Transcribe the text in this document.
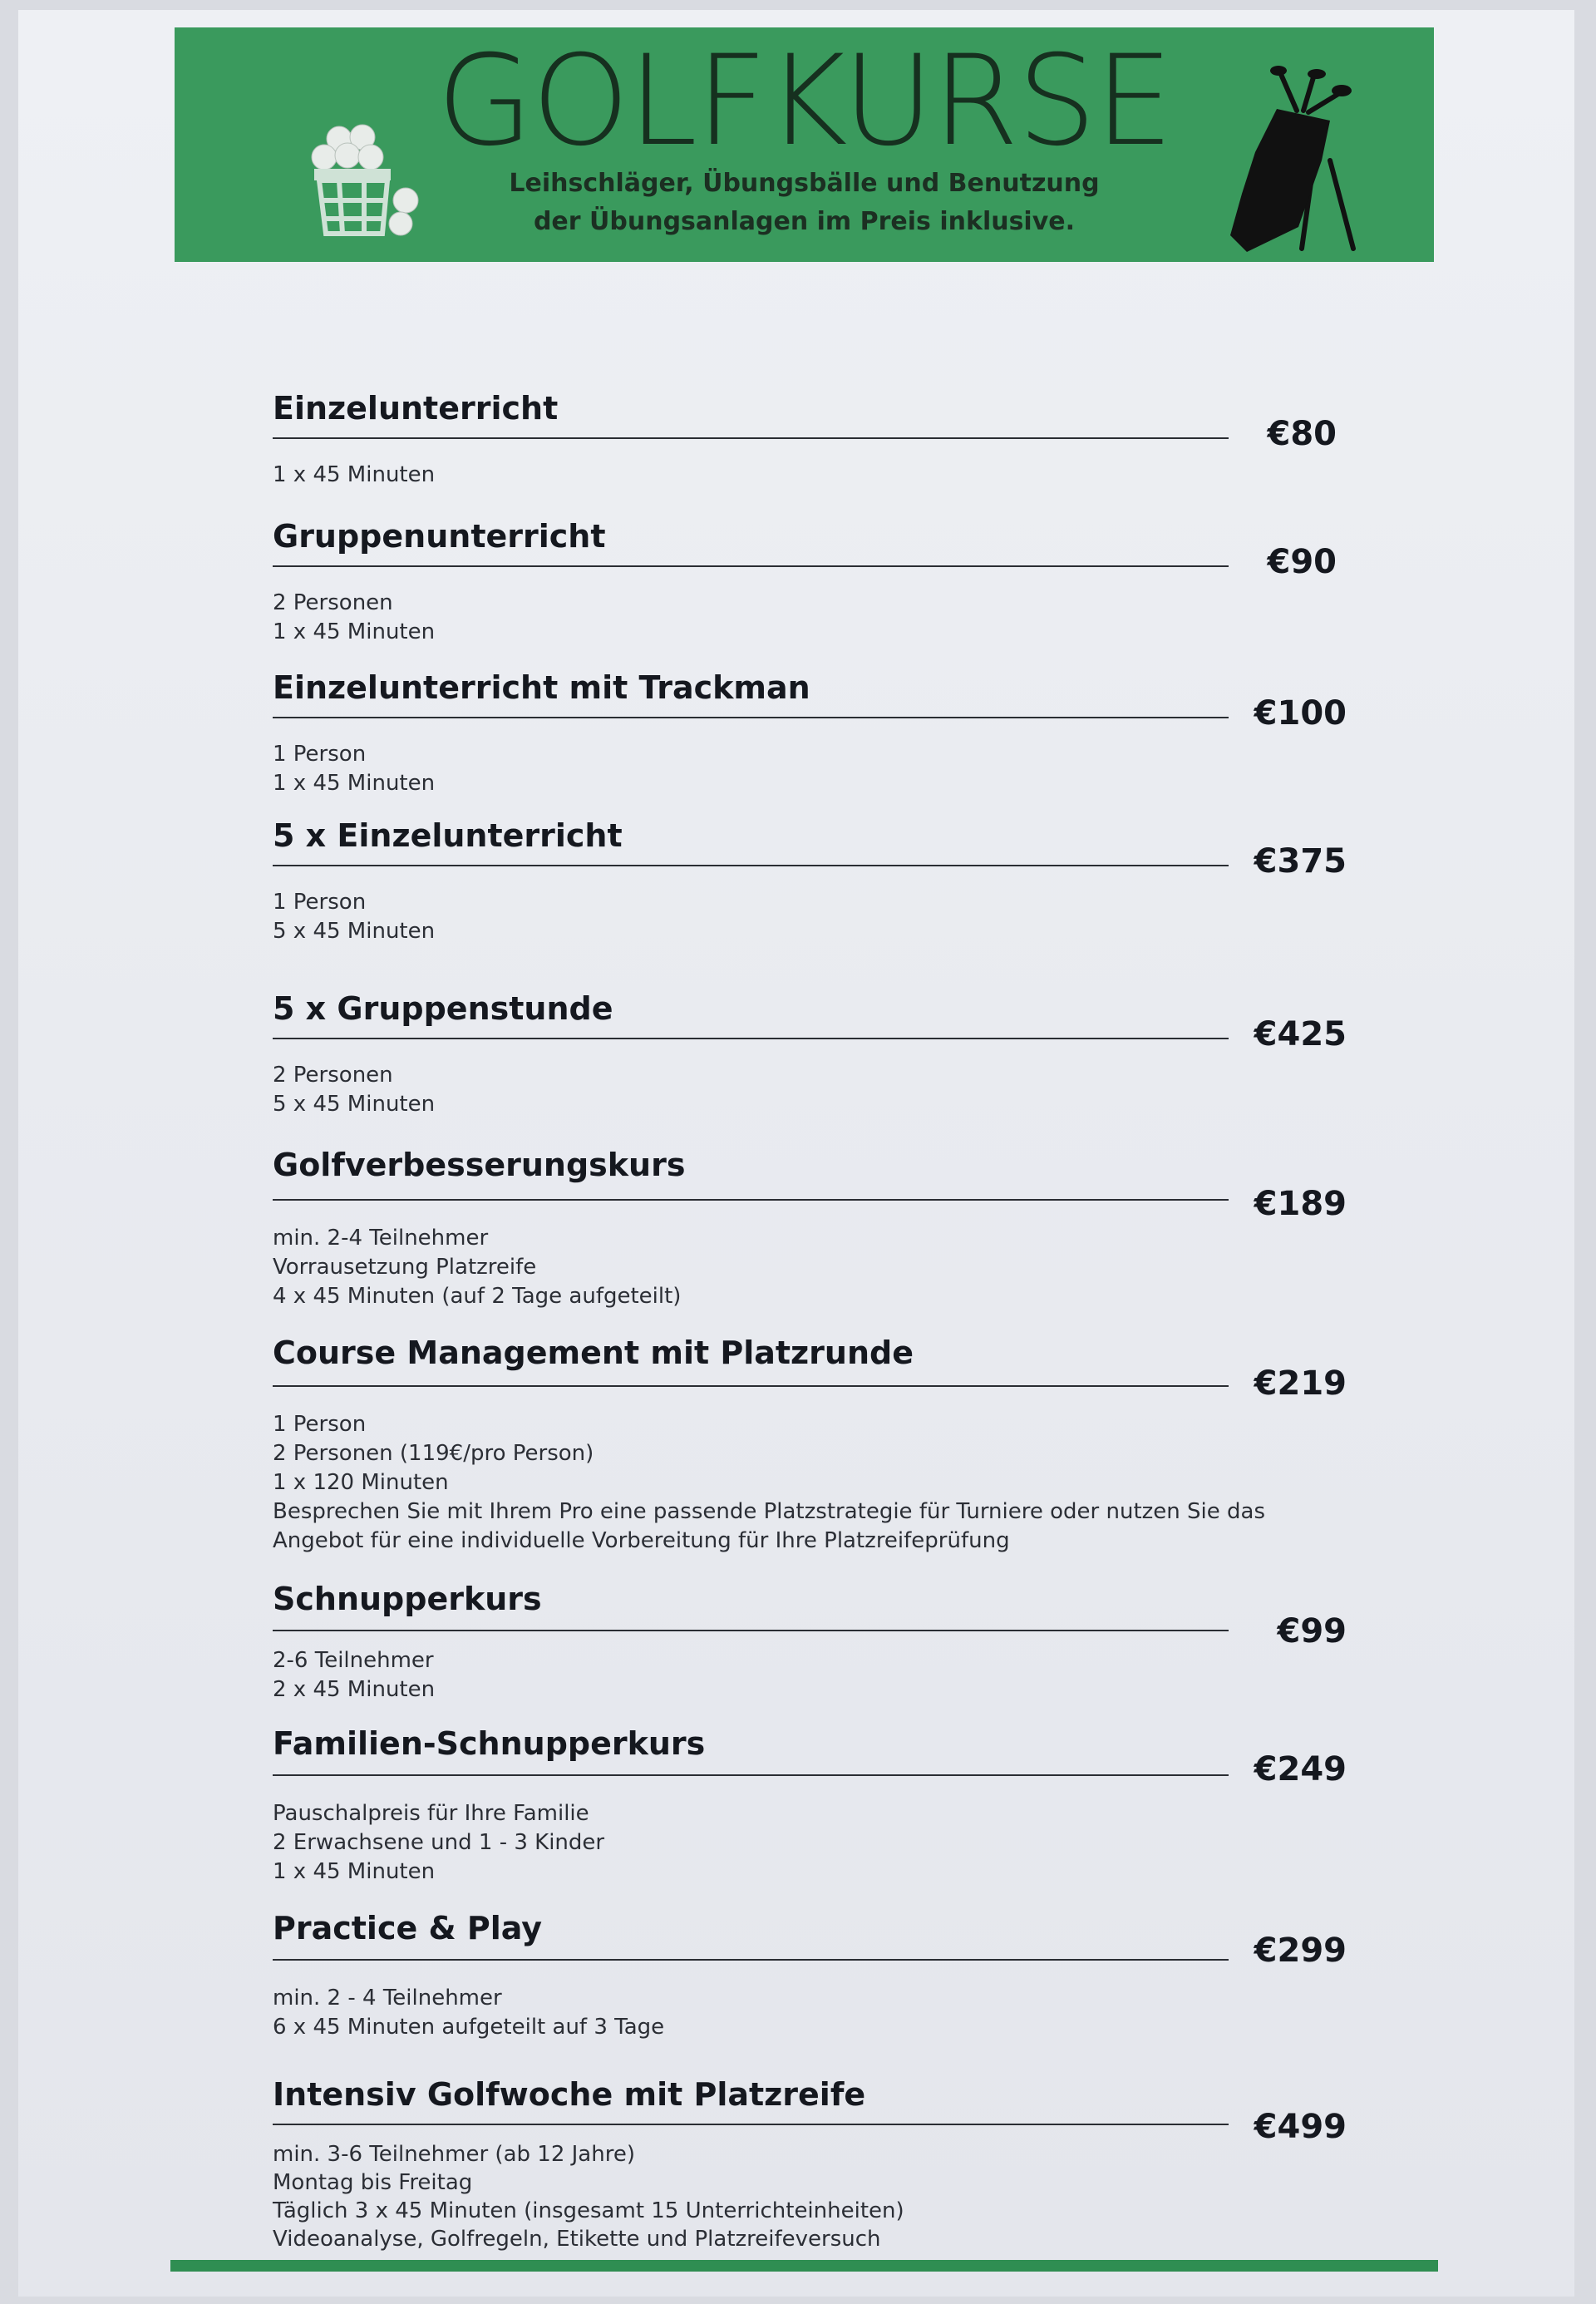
GOLFKURSE
Leihschläger, Übungsbälle und Benutzung
der Übungsanlagen im Preis inklusive.
Einzelunterricht
€80
1 x 45 Minuten
Gruppenunterricht
€90
2 Personen
1 x 45 Minuten
Einzelunterricht mit Trackman
€100
1 Person
1 x 45 Minuten
5 x Einzelunterricht
€375
1 Person
5 x 45 Minuten
5 x Gruppenstunde
€425
2 Personen
5 x 45 Minuten
Golfverbesserungskurs
€189
min. 2-4 Teilnehmer
Vorrausetzung Platzreife
4 x 45 Minuten (auf 2 Tage aufgeteilt)
Course Management mit Platzrunde
€219
1 Person
2 Personen (119€/pro Person)
1 x 120 Minuten
Besprechen Sie mit Ihrem Pro eine passende Platzstrategie für Turniere oder nutzen Sie das
Angebot für eine individuelle Vorbereitung für Ihre Platzreifeprüfung
Schnupperkurs
€99
2-6 Teilnehmer
2 x 45 Minuten
Familien-Schnupperkurs
€249
Pauschalpreis für Ihre Familie
2 Erwachsene und 1 - 3 Kinder
1 x 45 Minuten
Practice & Play
€299
min. 2 - 4 Teilnehmer
6 x 45 Minuten aufgeteilt auf 3 Tage
Intensiv Golfwoche mit Platzreife
€499
min. 3-6 Teilnehmer (ab 12 Jahre)
Montag bis Freitag
Täglich 3 x 45 Minuten (insgesamt 15 Unterrichteinheiten)
Videoanalyse, Golfregeln, Etikette und Platzreifeversuch
